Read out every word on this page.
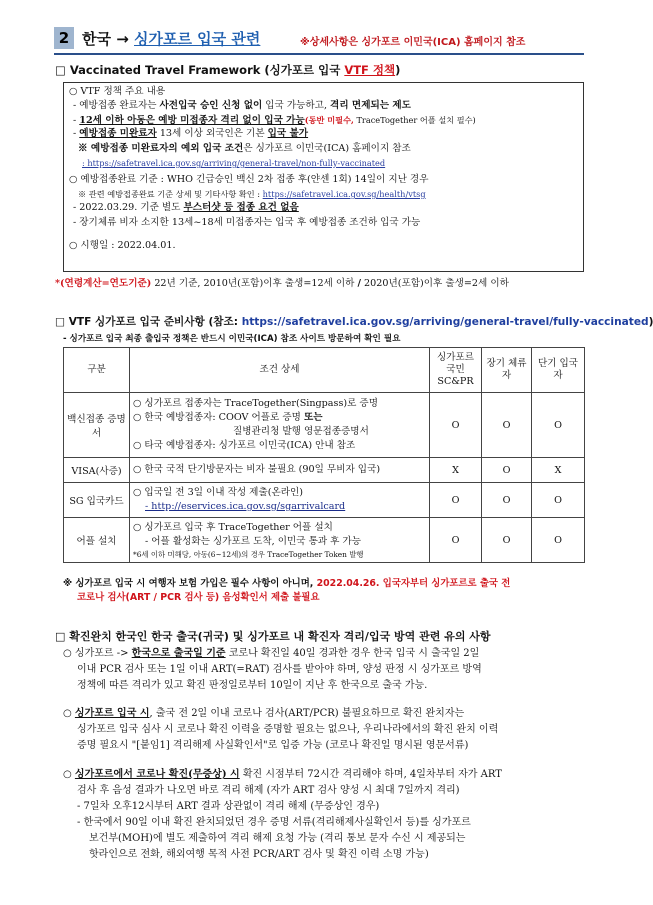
2 한국 → 싱가포르 입국 관련	※상세사항은 싱가포르 이민국(ICA) 홈페이지 참조
□ Vaccinated Travel Framework (싱가포르 입국 VTF 정책)
○ VTF 정책 주요 내용
- 예방접종 완료자는 사전입국 승인 신청 없이 입국 가능하고, 격리 면제되는 제도
- 12세 이하 아동은 예방 미접종자 격리 없이 입국 가능(동반 미필수, TraceTogether 어플 설치 필수)
- 예방접종 미완료자 13세 이상 외국인은 기본 입국 불가
※ 예방접종 미완료자의 예외 입국 조건은 싱가포르 이민국(ICA) 홈페이지 참조
: https://safetravel.ica.gov.sg/arriving/general-travel/non-fully-vaccinated
○ 예방접종완료 기준 : WHO 긴급승인 백신 2차 접종 후(얀센 1회) 14일이 지난 경우
※ 관련 예방접종완료 기준 상세 및 기타사항 확인 : https://safetravel.ica.gov.sg/health/vtsg
- 2022.03.29. 기준 별도 부스터샷 등 접종 요건 없음
- 장기체류 비자 소지한 13세~18세 미접종자는 입국 후 예방접종 조건하 입국 가능
○ 시행일 : 2022.04.01.
*(연령계산=연도기준) 22년 기준, 2010년(포함)이후 출생=12세 이하 / 2020년(포함)이후 출생=2세 이하
□ VTF 싱가포르 입국 준비사항 (참조: https://safetravel.ica.gov.sg/arriving/general-travel/fully-vaccinated)
- 싱가포르 입국 최종 출입국 정책은 반드시 이민국(ICA) 참조 사이트 방문하여 확인 필요
구분	조건 상세	싱가포르 국민 SC&PR	장기 체류자	단기 입국자
백신접종 증명서	○ 싱가포르 접종자는 TraceTogether(Singpass)로 증명
○ 한국 예방접종자: COOV 어플로 증명 또는
질병관리청 발행 영문접종증명서
○ 타국 예방접종자: 싱가포르 이민국(ICA) 안내 참조	O	O	O
VISA(사증)	○ 한국 국적 단기방문자는 비자 불필요 (90일 무비자 입국)	X	O	X
SG 입국카드	○ 입국일 전 3일 이내 작성 제출(온라인)
- http://eservices.ica.gov.sg/sgarrivalcard	O	O	O
어플 설치	○ 싱가포르 입국 후 TraceTogether 어플 설치
- 어플 활성화는 싱가포르 도착, 이민국 통과 후 가능
*6세 이하 미해당, 아동(6~12세)의 경우 TraceTogether Token 발행	O	O	O
※ 싱가포르 입국 시 여행자 보험 가입은 필수 사항이 아니며, 2022.04.26. 입국자부터 싱가포르로 출국 전
코로나 검사(ART / PCR 검사 등) 음성확인서 제출 불필요
□ 확진완치 한국인 한국 출국(귀국) 및 싱가포르 내 확진자 격리/입국 방역 관련 유의 사항
○ 싱가포르 -> 한국으로 출국일 기준 코로나 확진일 40일 경과한 경우 한국 입국 시 출국일 2일
이내 PCR 검사 또는 1일 이내 ART(=RAT) 검사를 받아야 하며, 양성 판정 시 싱가포르 방역
정책에 따른 격리가 있고 확진 판정일로부터 10일이 지난 후 한국으로 출국 가능.
○ 싱가포르 입국 시, 출국 전 2일 이내 코로나 검사(ART/PCR) 불필요하므로 확진 완치자는
싱가포르 입국 심사 시 코로나 확진 이력을 증명할 필요는 없으나, 우리나라에서의 확진 완치 이력
증명 필요시 "[붙임1] 격리해제 사실확인서"로 입증 가능 (코로나 확진일 명시된 영문서류)
○ 싱가포르에서 코로나 확진(무증상) 시 확진 시점부터 72시간 격리해야 하며, 4일차부터 자가 ART
검사 후 음성 결과가 나오면 바로 격리 해제 (자가 ART 검사 양성 시 최대 7일까지 격리)
- 7일차 오후12시부터 ART 결과 상관없이 격리 해제 (무증상인 경우)
- 한국에서 90일 이내 확진 완치되었던 경우 증명 서류(격리해제사실확인서 등)를 싱가포르
보건부(MOH)에 별도 제출하여 격리 해제 요청 가능 (격리 통보 문자 수신 시 제공되는
핫라인으로 전화, 해외여행 목적 사전 PCR/ART 검사 및 확진 이력 소명 가능)
